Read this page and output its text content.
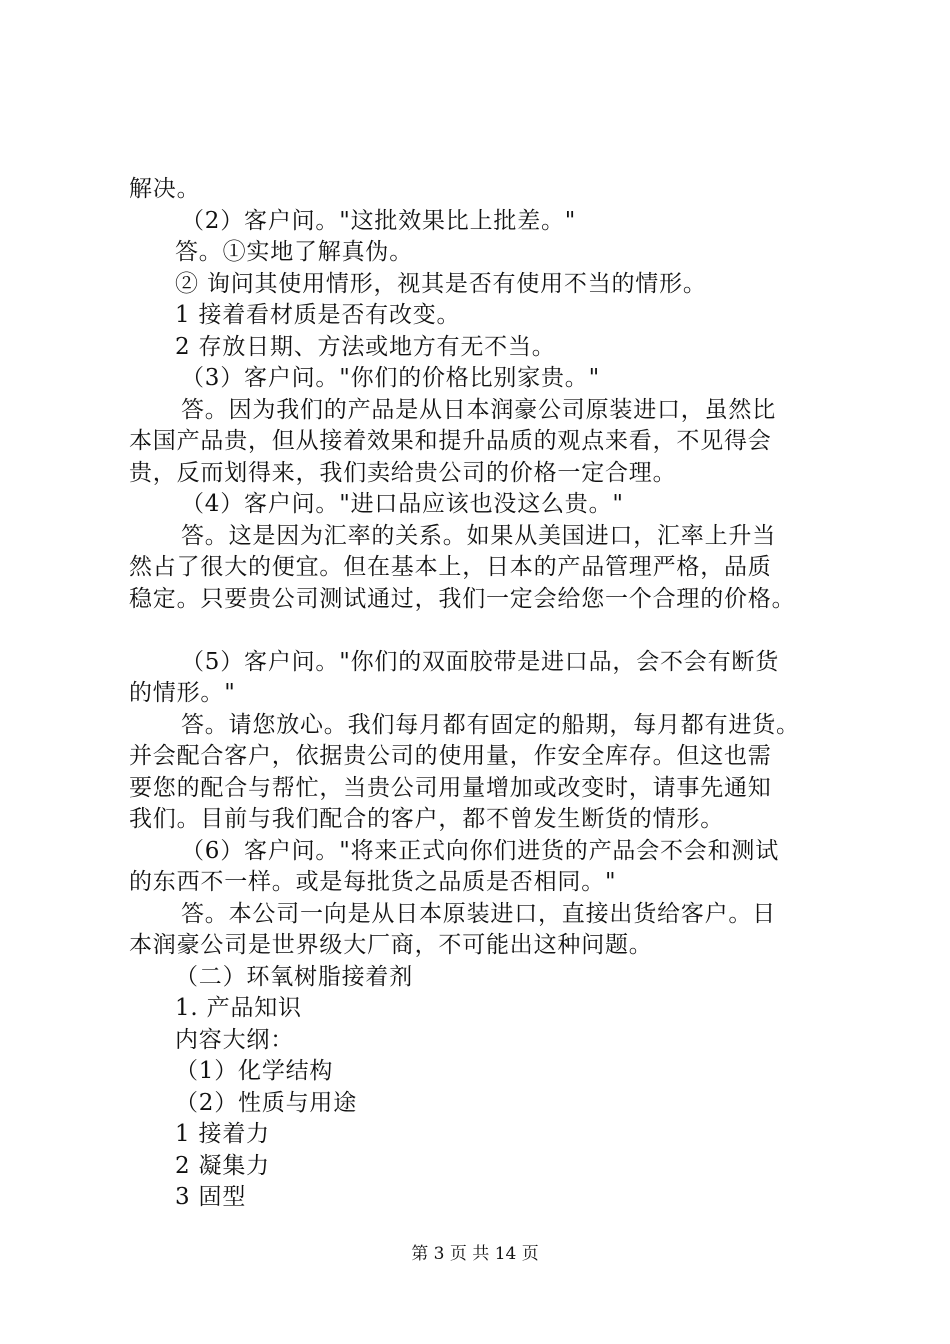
解决。
（2）客户问。"这批效果比上批差。"
答。①实地了解真伪。
② 询问其使用情形，视其是否有使用不当的情形。
1 接着看材质是否有改变。
2 存放日期、方法或地方有无不当。
（3）客户问。"你们的价格比别家贵。"
答。因为我们的产品是从日本润豪公司原装进口，虽然比
本国产品贵，但从接着效果和提升品质的观点来看，不见得会
贵，反而划得来，我们卖给贵公司的价格一定合理。
（4）客户问。"进口品应该也没这么贵。"
答。这是因为汇率的关系。如果从美国进口，汇率上升当
然占了很大的便宜。但在基本上，日本的产品管理严格，品质
稳定。只要贵公司测试通过，我们一定会给您一个合理的价格。
（5）客户问。"你们的双面胶带是进口品，会不会有断货
的情形。"
答。请您放心。我们每月都有固定的船期，每月都有进货。
并会配合客户，依据贵公司的使用量，作安全库存。但这也需
要您的配合与帮忙，当贵公司用量增加或改变时，请事先通知
我们。目前与我们配合的客户，都不曾发生断货的情形。
（6）客户问。"将来正式向你们进货的产品会不会和测试
的东西不一样。或是每批货之品质是否相同。"
答。本公司一向是从日本原装进口，直接出货给客户。日
本润豪公司是世界级大厂商，不可能出这种问题。
（二）环氧树脂接着剂
1. 产品知识
内容大纲：
（1）化学结构
（2）性质与用途
1 接着力
2 凝集力
3 固型
第 3 页 共 14 页
